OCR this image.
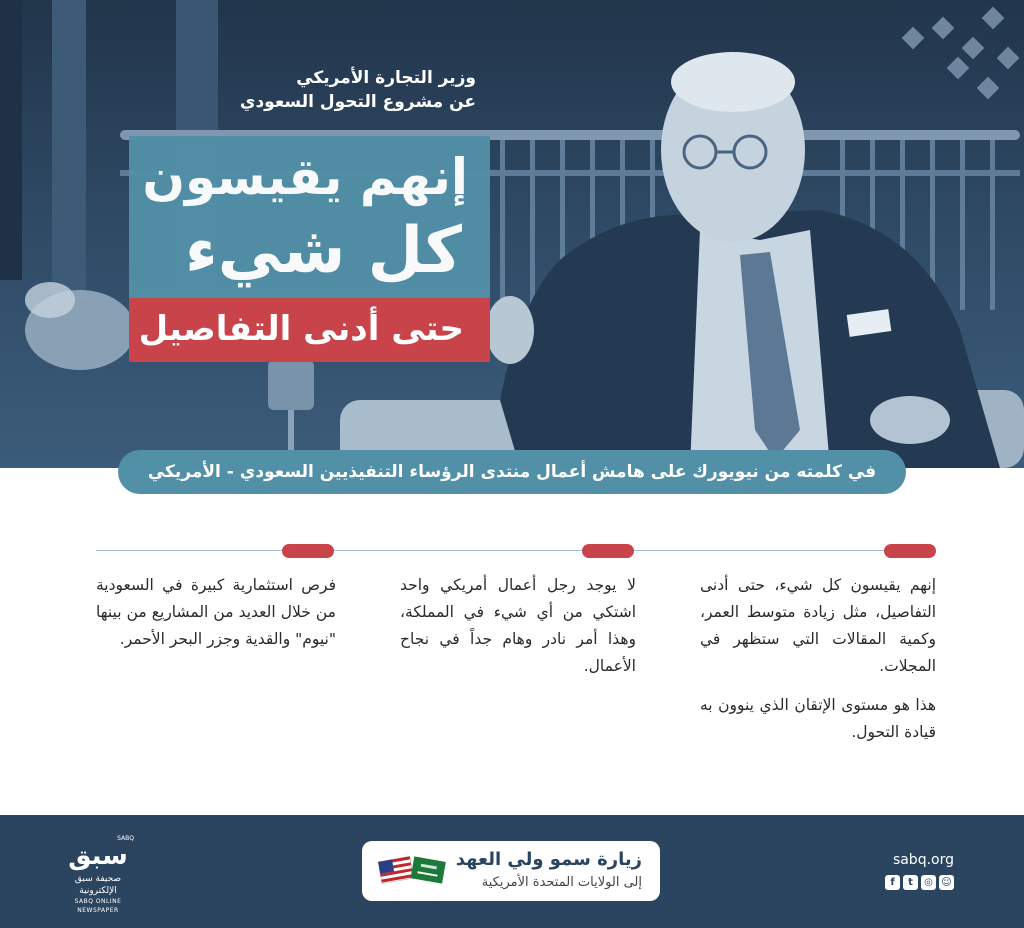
وزير التجارة الأمريكي
عن مشروع التحول السعودي
إنهم يقيسون
كل شيء
حتى أدنى التفاصيل
في كلمته من نيويورك على هامش أعمال منتدى الرؤساء التنفيذيين السعودي - الأمريكي

إنهم يقيسون كل شيء، حتى أدنى التفاصيل، مثل زيادة متوسط العمر، وكمية المقالات التي ستظهر في المجلات.

هذا هو مستوى الإتقان الذي ينوون به قيادة التحول.

لا يوجد رجل أعمال أمريكي واحد اشتكي من أي شيء في المملكة، وهذا أمر نادر وهام جداً في نجاح الأعمال.

فرص استثمارية كبيرة في السعودية من خلال العديد من المشاريع من بينها "نيوم" والقدية وجزر البحر الأحمر.

SABQ
سبق
صحيفة سبق الإلكترونية
SABQ ONLINE NEWSPAPER
زيارة سمو ولي العهد
إلى الولايات المتحدة الأمريكية
sabq.org
f	t	◎ ☺
